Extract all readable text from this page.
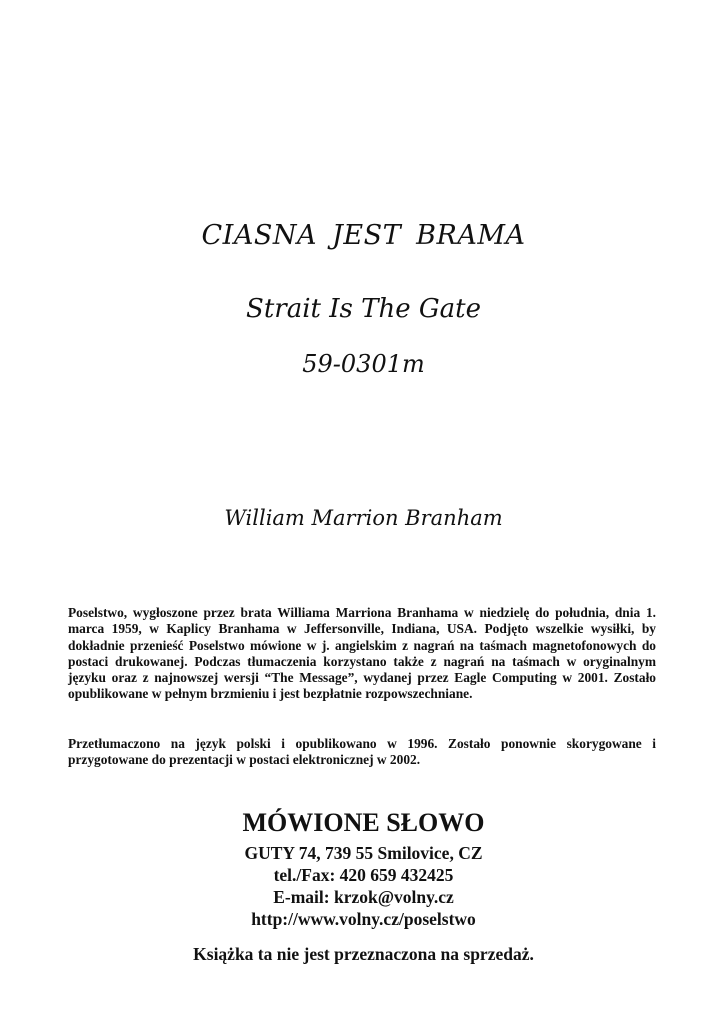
CIASNA JEST BRAMA
Strait Is The Gate
59-0301m
William Marrion Branham

Poselstwo, wygłoszone przez brata Williama Marriona Branhama w niedzielę do południa, dnia 1. marca 1959, w Kaplicy Branhama w Jeffersonville, Indiana, USA. Podjęto wszelkie wysiłki, by dokładnie przenieść Poselstwo mówione w j. angielskim z nagrań na taśmach magnetofonowych do postaci drukowanej. Podczas tłumaczenia korzystano także z nagrań na taśmach w oryginalnym języku oraz z najnowszej wersji “The Message”, wydanej przez Eagle Computing w 2001. Zostało opublikowane w pełnym brzmieniu i jest bezpłatnie rozpowszechniane.

Przetłumaczono na język polski i opublikowano w 1996. Zostało ponownie skorygowane i przygotowane do prezentacji w postaci elektronicznej w 2002.

MÓWIONE SŁOWO
GUTY 74, 739 55 Smilovice, CZ
tel./Fax: 420 659 432425
E-mail: krzok@volny.cz
http://www.volny.cz/poselstwo
Książka ta nie jest przeznaczona na sprzedaż.
